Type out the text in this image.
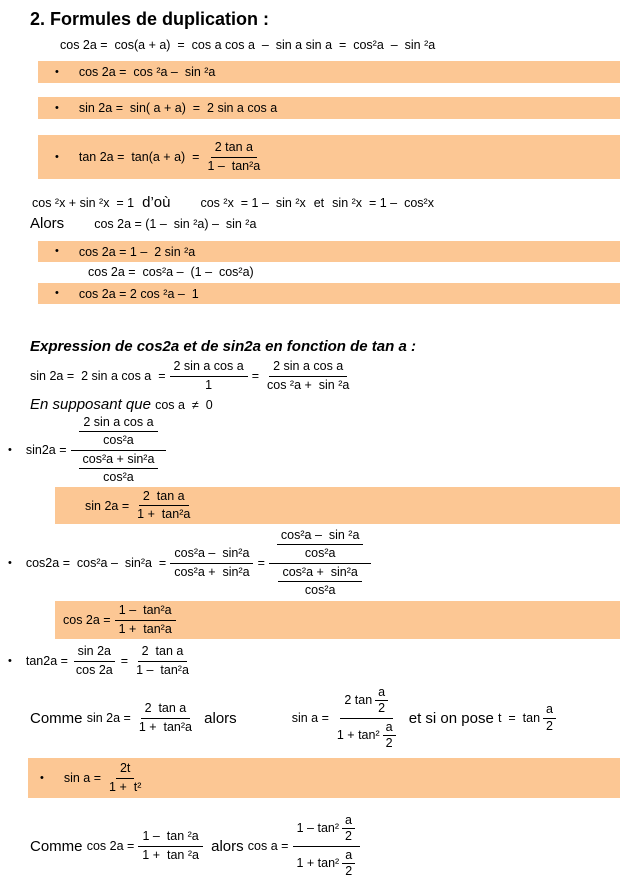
2. Formules de duplication :
cos 2a =  cos(a + a)  =  cos a cos a  –  sin a sin a  =  cos²a  –  sin ²a
• cos 2a =  cos ²a –  sin ²a
• sin 2a =  sin( a + a)  =  2 sin a cos a
• $\tan 2a = \tan(a + a) = \frac{\text{2 tan a}}{\text{1 –  tan²a}}$
cos ²x + sin ²x  = 1 d’où cos ²x  = 1 –  sin ²x et sin ²x  = 1 –  cos²x
Alors cos 2a = (1 –  sin ²a) –  sin ²a
• cos 2a = 1 –  2 sin ²a
cos 2a =  cos²a –  (1 –  cos²a)
• cos 2a = 2 cos ²a –  1
Expression de cos2a et de sin2a en fonction de tan a :
sin 2a =  2 sin a $\cos a = \frac{\text{2 sin a cos a}}{1} = \frac{\text{2 sin a cos a}}{\text{cos ²a +  sin ²a}}$
En supposant que cos a  ≠  0
• $\sin 2a = \frac{\frac{\text{2 sin a cos a}}{\text{cos²a}}}{\frac{\text{cos²a + sin²a}}{\text{cos²a}}}$
$\sin 2a = \frac{\text{2  tan a}}{\text{1 +  tan²a}}$
• $\cos 2a = \cos^2a - \sin^2a = \frac{\text{cos²a –  sin²a}}{\text{cos²a +  sin²a}} = \frac{\frac{\text{cos²a –  sin ²a}}{\text{cos²a}}}{\frac{\text{cos²a +  sin²a}}{\text{cos²a}}}$
$\cos 2a = \frac{\text{1 –  tan²a}}{\text{1 +  tan²a}}$
• $\tan 2a = \frac{\sin 2a}{\cos 2a} = \frac{\text{2  tan a}}{\text{1 –  tan²a}}$
Comme $\sin 2a = \frac{\text{2  tan a}}{\text{1 +  tan²a}}$ alors	$\sin a = \frac{2 \tan \frac{a}{2}}{1 + \tan^2 \frac{a}{2}}$ et si on pose $t = \tan \frac{a}{2}$
• $\sin a = \frac{2t}{\text{1 +  t²}}$
Comme $\cos 2a = \frac{\text{1 –  tan ²a}}{\text{1 +  tan ²a}}$ alors $\cos a = \frac{1 - \tan^2 \frac{a}{2}}{1 + \tan^2 \frac{a}{2}}$
